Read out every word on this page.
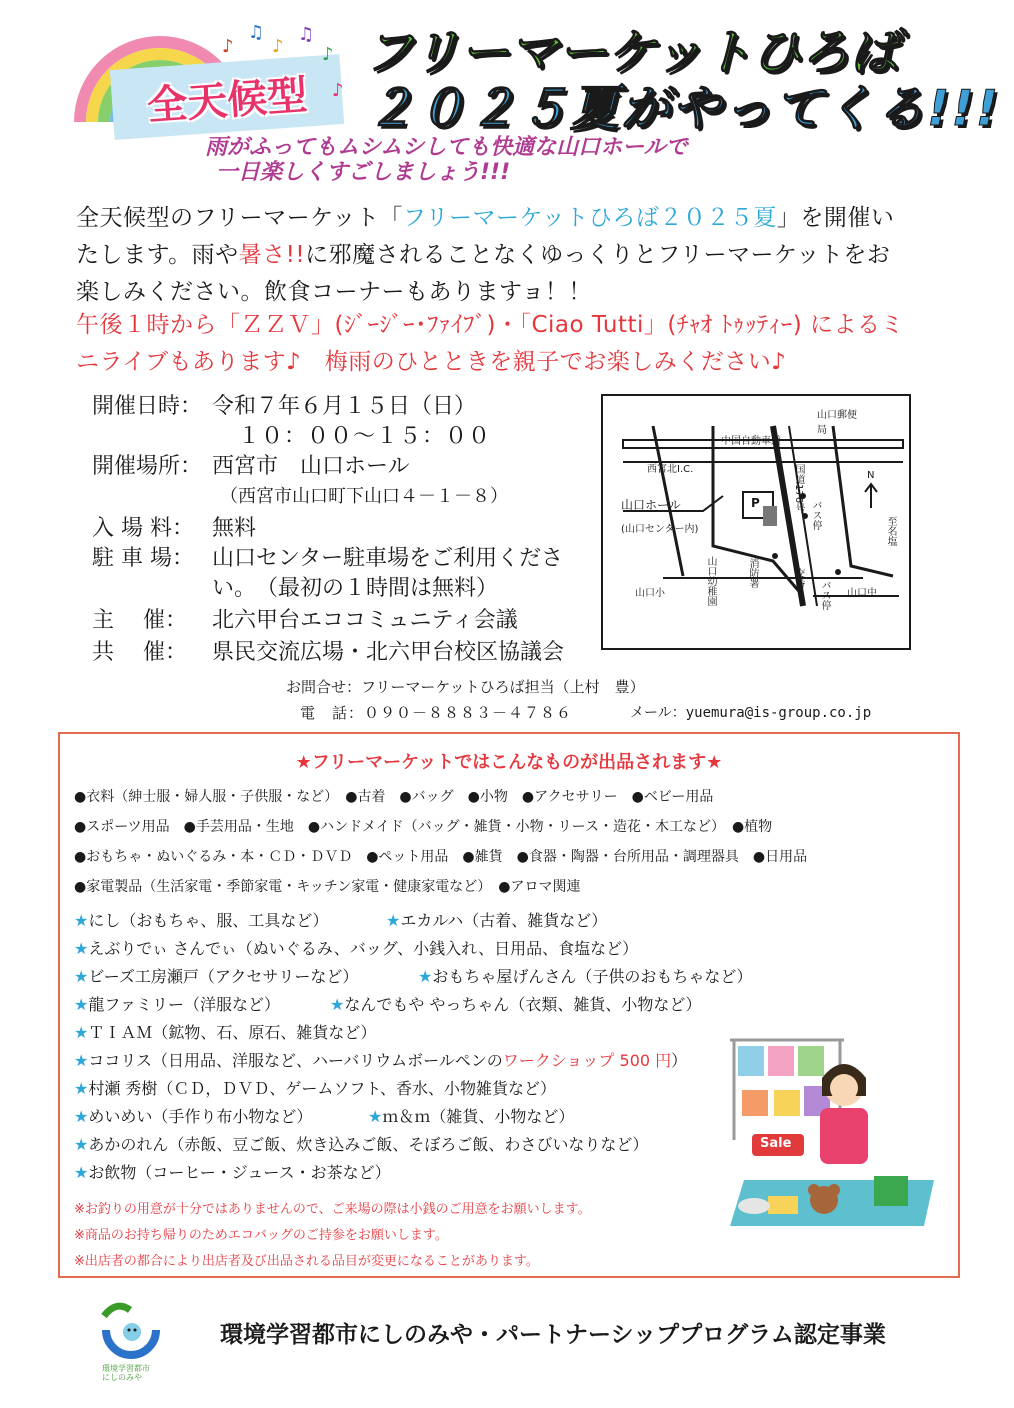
全天候型
♪
♫
♪
♫
♪
♪
フリーマーケットひろば
２０２５夏がやってくる!!!
雨がふってもムシムシしても快適な山口ホールで
一日楽しくすごしましょう!!!
全天候型のフリーマーケット「フリーマーケットひろば２０２５夏」を開催い
たします。雨や暑さ!!に邪魔されることなくゆっくりとフリーマーケットをお
楽しみください。飲食コーナーもありますョ！！
午後１時から「ＺＺＶ」(ｼﾞｰｼﾞｰ･ﾌｧｲﾌﾞ)・「Ciao Tutti」(ﾁｬｵ ﾄｩｯﾃｨｰ) によるミニライブもあります♪　梅雨のひとときを親子でお楽しみください♪
開催日時： 令和７年６月１５日（日）
１０：００～１５：００
開催場所： 西宮市　山口ホール
（西宮市山口町下山口４－１－８）
入 場 料： 無料
駐 車 場： 山口センター駐車場をご利用くださ
い。　（最初の１時間は無料）
主　 催： 北六甲台エココミュニティ会議
共　 催： 県民交流広場・北六甲台校区協議会
中国自動車道
山口郵便局
西宮北I.C.	国道176号
山口ホール
(山口センター内)
P
N
バス停
山口幼稚園	消防署	交番
バス停
山口小	山口中
至名塩
お問合せ：フリーマーケットひろば担当（上村　豊）
電　話：０９０－８８８３－４７８６	メール：yuemura@is-group.co.jp
★フリーマーケットではこんなものが出品されます★
●衣料（紳士服・婦人服・子供服・など）　●古着　●バッグ　●小物　●アクセサリー　●ベビー用品
●スポーツ用品　●手芸用品・生地　●ハンドメイド（バッグ・雑貨・小物・リース・造花・木工など）　●植物
●おもちゃ・ぬいぐるみ・本・ＣＤ・ＤＶＤ　●ペット用品　●雑貨　●食器・陶器・台所用品・調理器具　●日用品
●家電製品（生活家電・季節家電・キッチン家電・健康家電など）　●アロマ関連
★にし（おもちゃ、服、工具など）	★エカルハ（古着、雑貨など）
★えぶりでぃ さんでぃ（ぬいぐるみ、バッグ、小銭入れ、日用品、食塩など）
★ビーズ工房瀬戸（アクセサリーなど）	★おもちゃ屋げんさん（子供のおもちゃなど）
★龍ファミリー（洋服など）	★なんでもや やっちゃん（衣類、雑貨、小物など）
★ＴＩＡＭ（鉱物、石、原石、雑貨など）
★ココリス（日用品、洋服など、ハーバリウムボールペンのワークショップ 500 円）
★村瀬 秀樹（ＣＤ，ＤＶＤ、ゲームソフト、香水、小物雑貨など）
★めいめい（手作り布小物など）	★ｍ＆ｍ（雑貨、小物など）
★あかのれん（赤飯、豆ご飯、炊き込みご飯、そぼろご飯、わさびいなりなど）
★お飲物（コーヒー・ジュース・お茶など）
※お釣りの用意が十分ではありませんので、ご来場の際は小銭のご用意をお願いします。
※商品のお持ち帰りのためエコバッグのご持参をお願いします。
※出店者の都合により出店者及び出品される品目が変更になることがあります。
Sale
環境学習都市
にしのみや
環境学習都市にしのみや・パートナーシッププログラム認定事業
